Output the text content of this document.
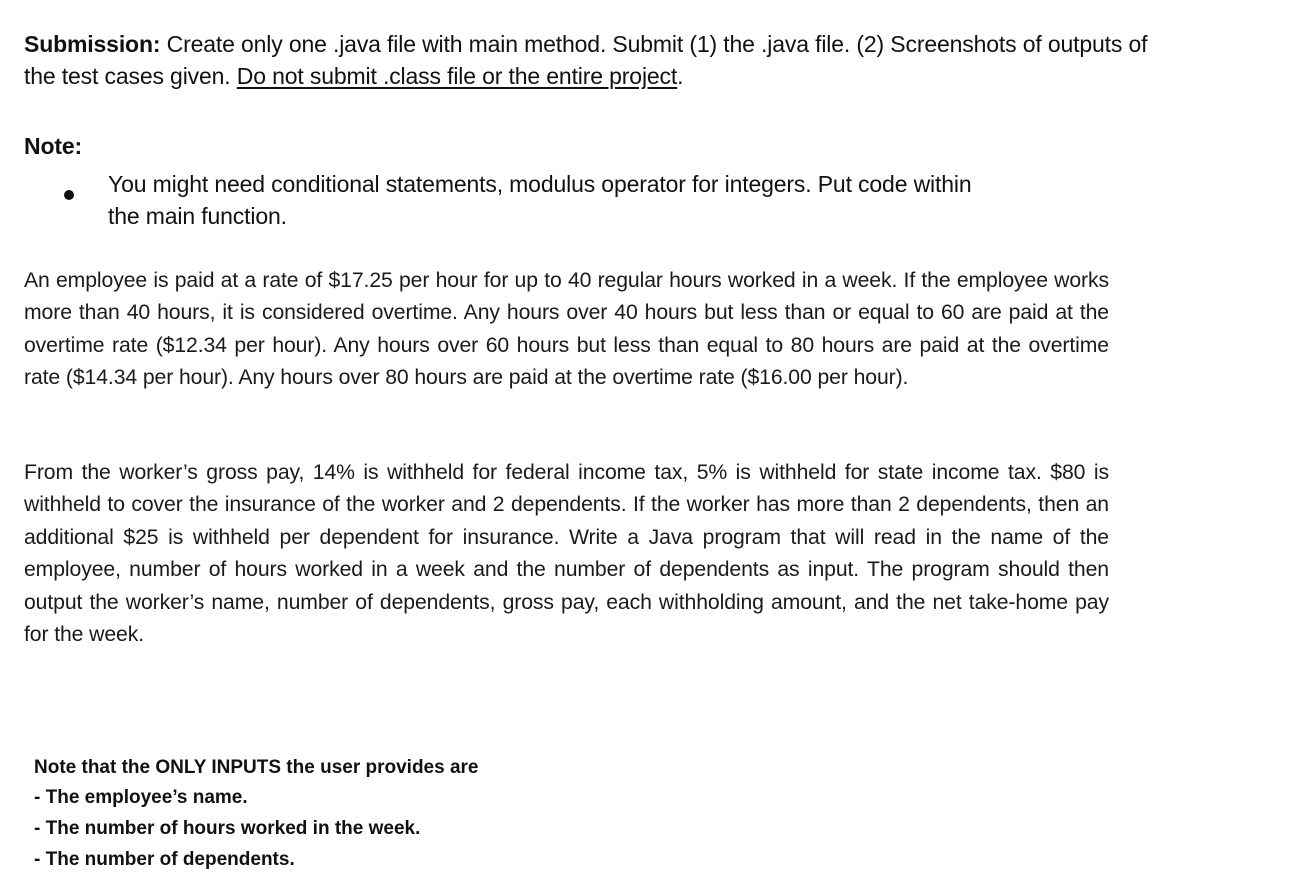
Submission: Create only one .java file with main method. Submit (1) the .java file. (2) Screenshots of outputs of
the test cases given. Do not submit .class file or the entire project.
Note:
You might need conditional statements, modulus operator for integers. Put code within
the main function.
An employee is paid at a rate of $17.25 per hour for up to 40 regular hours worked in a week. If the employee works more than 40 hours, it is considered overtime. Any hours over 40 hours but less than or equal to 60 are paid at the overtime rate ($12.34 per hour). Any hours over 60 hours but less than equal to 80 hours are paid at the overtime rate ($14.34 per hour). Any hours over 80 hours are paid at the overtime rate ($16.00 per hour).
From the worker’s gross pay, 14% is withheld for federal income tax, 5% is withheld for state income tax. $80 is withheld to cover the insurance of the worker and 2 dependents. If the worker has more than 2 dependents, then an additional $25 is withheld per dependent for insurance. Write a Java program that will read in the name of the employee, number of hours worked in a week and the number of dependents as input. The program should then output the worker’s name, number of dependents, gross pay, each withholding amount, and the net take-home pay for the week.
Note that the ONLY INPUTS the user provides are
- The employee’s name.
- The number of hours worked in the week.
- The number of dependents.
